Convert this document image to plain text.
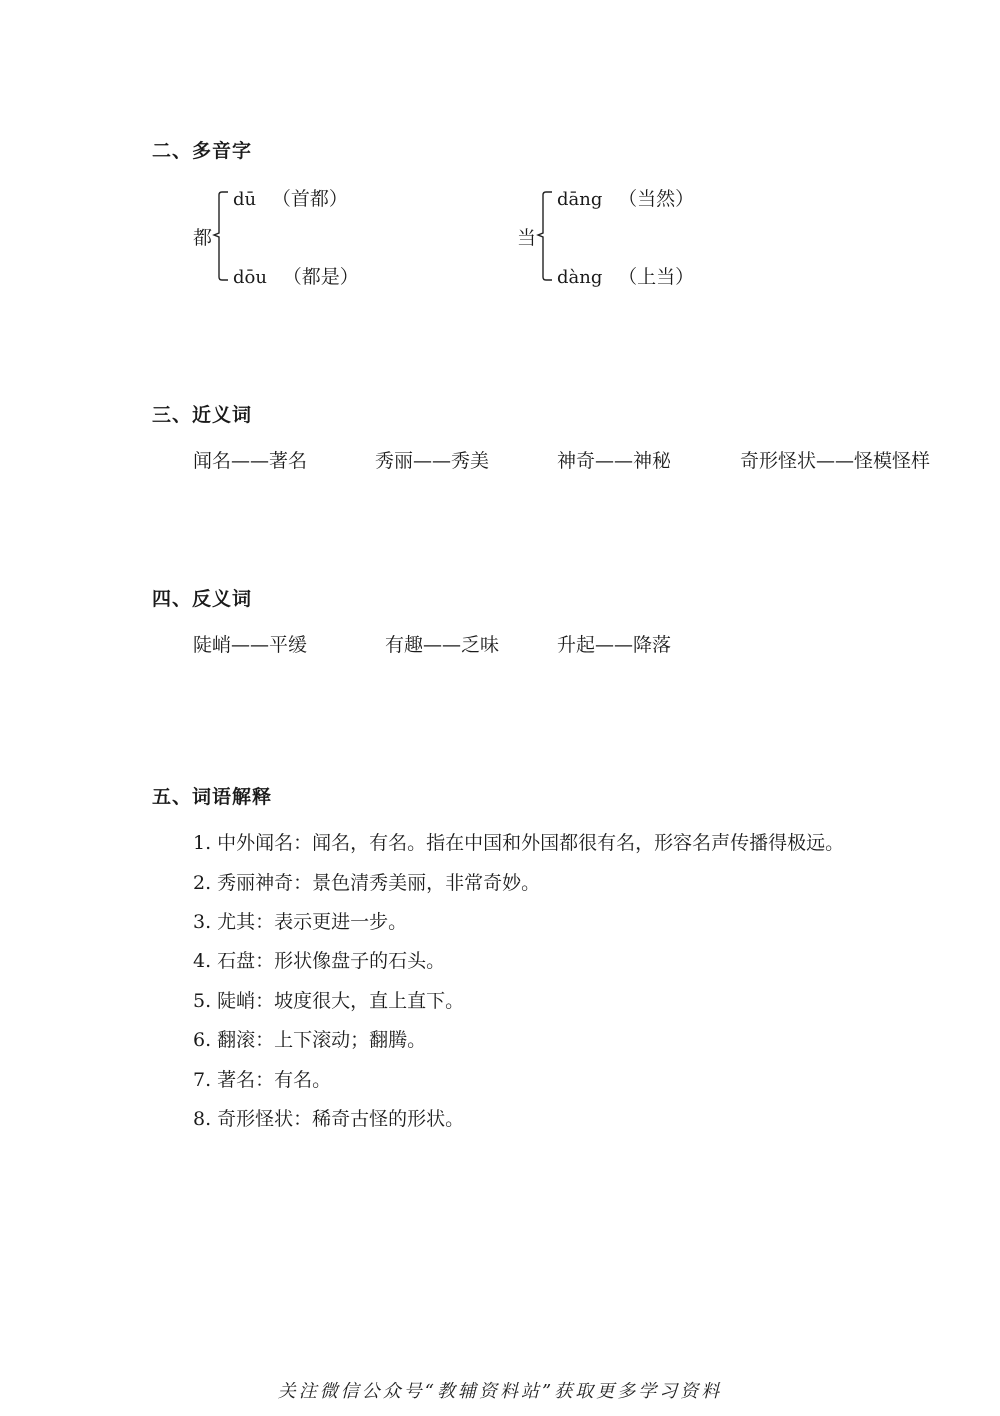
二、多音字
都
dū （首都）
dōu （都是）
当
dāng （当然）
dàng （上当）
三、近义词
闻名——著名	秀丽——秀美	神奇——神秘	奇形怪状——怪模怪样
四、反义词
陡峭——平缓	有趣——乏味	升起——降落
五、词语解释
1. 中外闻名：闻名，有名。指在中国和外国都很有名，形容名声传播得极远。
2. 秀丽神奇：景色清秀美丽，非常奇妙。
3. 尤其：表示更进一步。
4. 石盘：形状像盘子的石头。
5. 陡峭：坡度很大，直上直下。
6. 翻滚：上下滚动；翻腾。
7. 著名：有名。
8. 奇形怪状：稀奇古怪的形状。
关注微信公众号“教辅资料站”获取更多学习资料
